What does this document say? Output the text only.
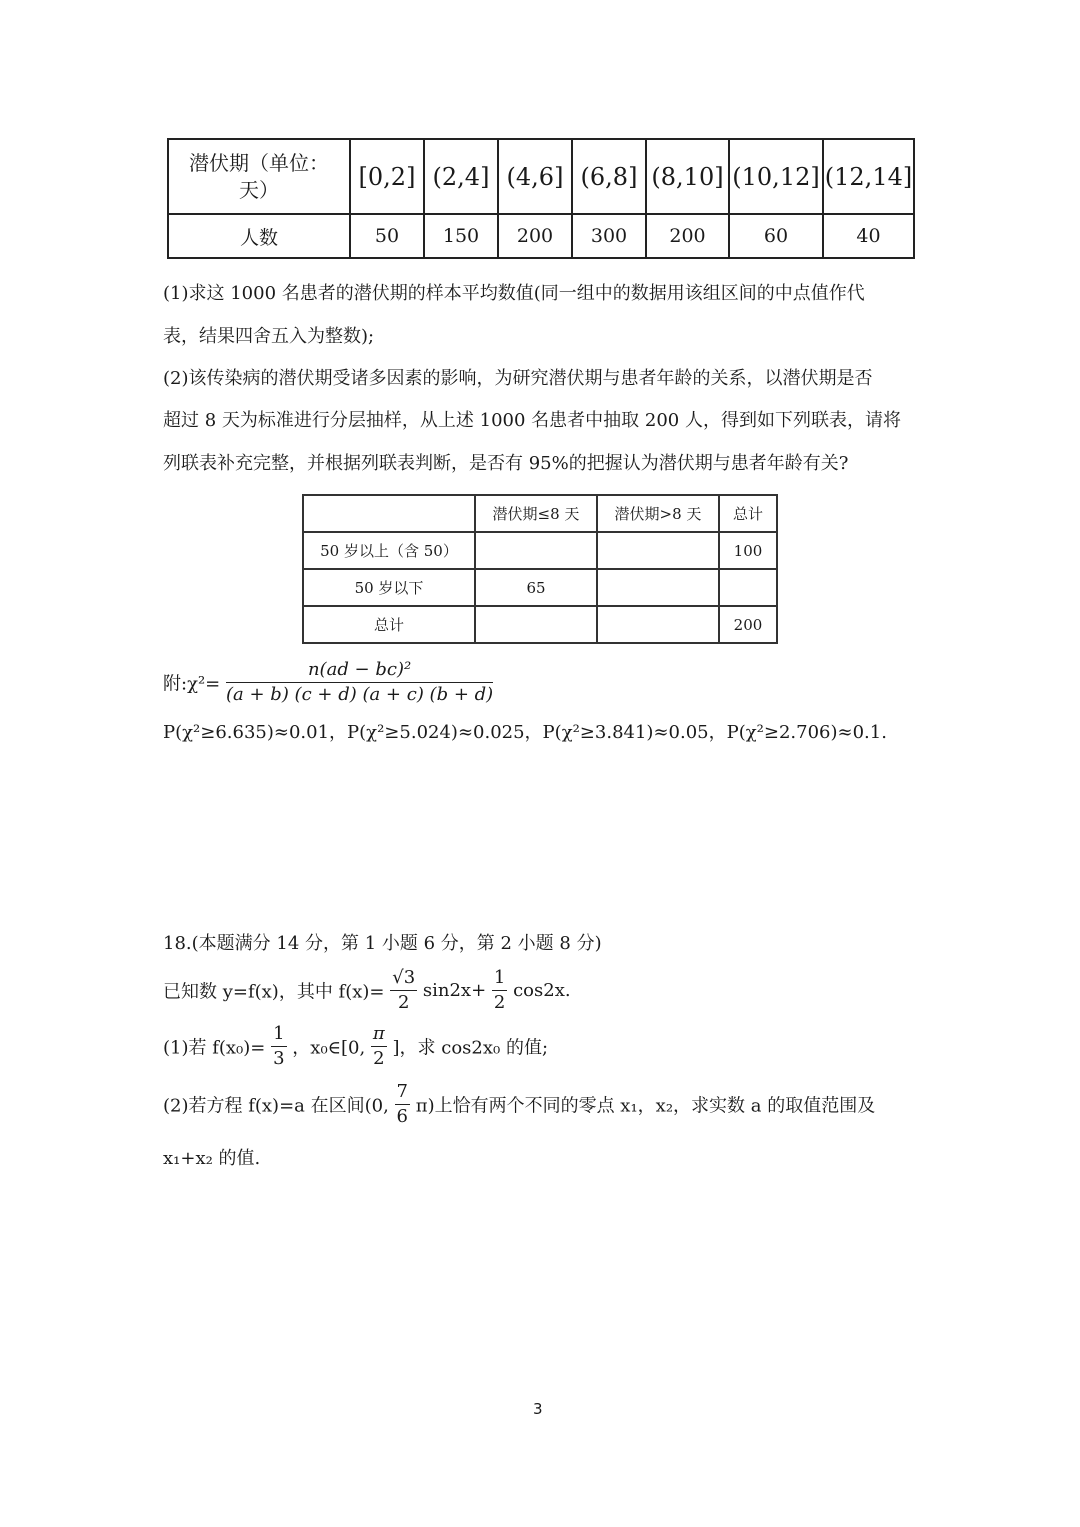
潜伏期（单位：
天）	[0,2]	(2,4]	(4,6]	(6,8]	(8,10]	(10,12]	(12,14]
人数	50	150	200	300	200	60	40
(1)求这 1000 名患者的潜伏期的样本平均数值(同一组中的数据用该组区间的中点值作代
表，结果四舍五入为整数);
(2)该传染病的潜伏期受诸多因素的影响，为研究潜伏期与患者年龄的关系，以潜伏期是否
超过 8 天为标准进行分层抽样，从上述 1000 名患者中抽取 200 人，得到如下列联表，请将
列联表补充完整，并根据列联表判断，是否有 95%的把握认为潜伏期与患者年龄有关?
	潜伏期≤8 天	潜伏期>8 天	总计
50 岁以上（含 50）			100
50 岁以下	65		
总计			200
附:χ²= $\frac{\text{n(ad − bc)²}}{(a + b) (c + d) (a + c) (b + d)}$
P(χ²≥6.635)≈0.01，P(χ²≥5.024)≈0.025，P(χ²≥3.841)≈0.05，P(χ²≥2.706)≈0.1.
18.(本题满分 14 分，第 1 小题 6 分，第 2 小题 8 分)
已知数 y=f(x)，其中 $f(x)= \frac{√3}{2} \sin 2x+ \frac{1}{2} \cos 2x$.
(1)若 $f(x_0)= \frac{1}{3}$ ，x₀∈[0, $\frac{\pi}{2}$ ]，求 cos2x₀ 的值;
(2)若方程 f(x)=a 在区间(0, $\frac{7}{6} \pi$)上恰有两个不同的零点 x₁，x₂，求实数 a 的取值范围及
x₁+x₂ 的值.
3
